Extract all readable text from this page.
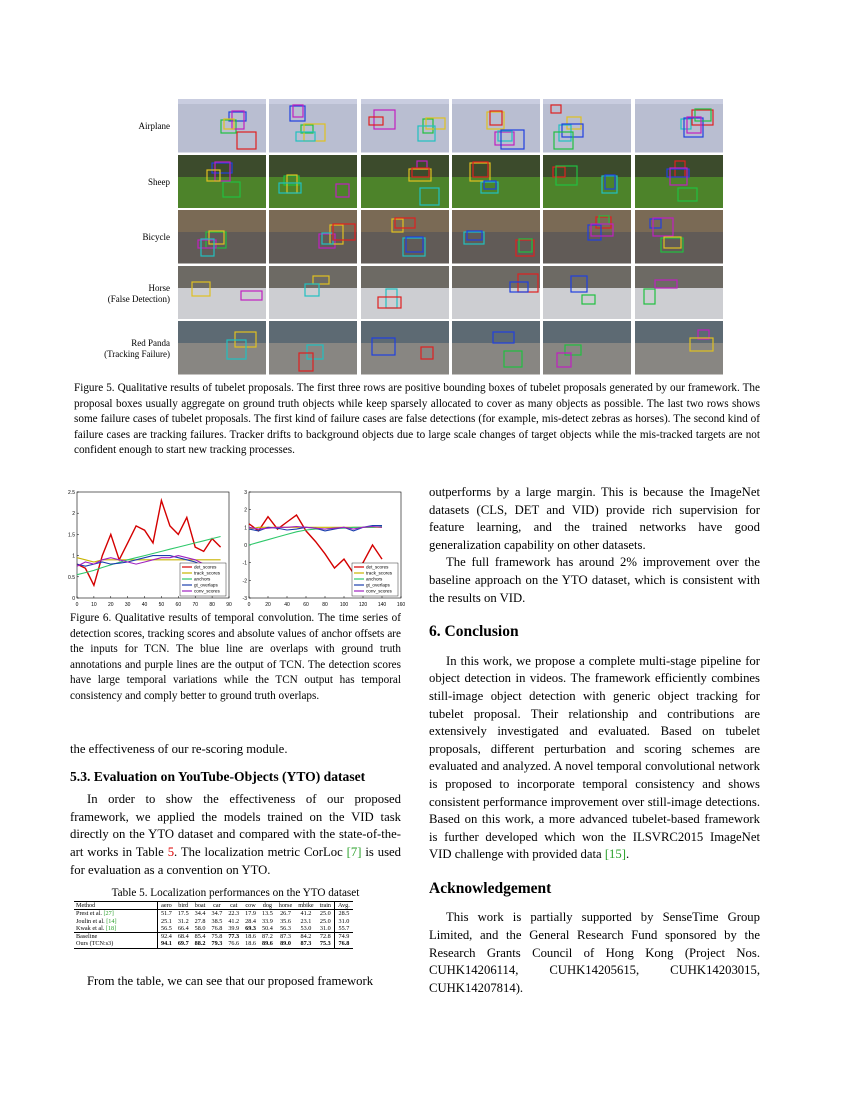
Airplane
Sheep
Bicycle
Horse
(False Detection)
Red Panda
(Tracking Failure)
Figure 5. Qualitative results of tubelet proposals. The first three rows are positive bounding boxes of tubelet proposals generated by our framework. The proposal boxes usually aggregate on ground truth objects while keep sparsely allocated to cover as many objects as possible. The last two rows shows some failure cases of tubelet proposals. The first kind of failure cases are false detections (for example, mis-detect zebras as horses). The second kind of failure cases are tracking failures. Tracker drifts to background objects due to large scale changes of target objects while the mis-tracked targets are not confident enough to start new tracking processes.
0	10 20 30 40 50 60 70 80 90
0
0.5
1
1.5
2
2.5
det_scores
track_scores
anchors
gt_overlaps
conv_scores
0	20	40	60	80 100 120 140 160
-3
-2
-1
0
1
2
3
det_scores
track_scores
anchors
gt_overlaps
conv_scores
Figure 6. Qualitative results of temporal convolution. The time series of detection scores, tracking scores and absolute values of anchor offsets are the inputs for TCN. The blue line are overlaps with ground truth annotations and purple lines are the output of TCN. The detection scores have large temporal variations while the TCN output has temporal consistency and comply better to ground truth overlaps.

the effectiveness of our re-scoring module.

5.3. Evaluation on YouTube-Objects (YTO) dataset

In order to show the effectiveness of our proposed framework, we applied the models trained on the VID task directly on the YTO dataset and compared with the state-of-the-art works in Table 5. The localization metric CorLoc [7] is used for evaluation as a convention on YTO.

Table 5. Localization performances on the YTO dataset
Method	aero	bird	boat	car	cat	cow	dog	horse	mbike	train	Avg.
Prest et al. [27]	51.7	17.5	34.4	34.7	22.3	17.9	13.5	26.7	41.2	25.0	28.5
Joulin et al. [14]	25.1	31.2	27.8	38.5	41.2	28.4	33.9	35.6	23.1	25.0	31.0
Kwak et al. [18]	56.5	66.4	58.0	76.8	39.9	69.3	50.4	56.3	53.0	31.0	55.7
Baseline	92.4	68.4	85.4	75.8	77.3	18.6	87.2	87.3	84.2	72.8	74.9
Ours (TCN:s3)	94.1	69.7	88.2	79.3	76.6	18.6	89.6	89.0	87.3	75.3	76.8
From the table, we can see that our proposed framework

outperforms by a large margin. This is because the ImageNet datasets (CLS, DET and VID) provide rich supervision for feature learning, and the trained networks have good generalization capability on other datasets.

The full framework has around 2% improvement over the baseline approach on the YTO dataset, which is consistent with the results on VID.

6. Conclusion

In this work, we propose a complete multi-stage pipeline for object detection in videos. The framework efficiently combines still-image object detection with generic object tracking for tubelet proposal. Their relationship and contributions are extensively investigated and evaluated. Based on tubelet proposals, different perturbation and scoring schemes are evaluated and analyzed. A novel temporal convolutional network is proposed to incorporate temporal consistency and shows consistent performance improvement over still-image detections. Based on this work, a more advanced tubelet-based framework is further developed which won the ILSVRC2015 ImageNet VID challenge with provided data [15].

Acknowledgement

This work is partially supported by SenseTime Group Limited, and the General Research Fund sponsored by the Research Grants Council of Hong Kong (Project Nos. CUHK14206114, CUHK14205615, CUHK14203015, CUHK14207814).
